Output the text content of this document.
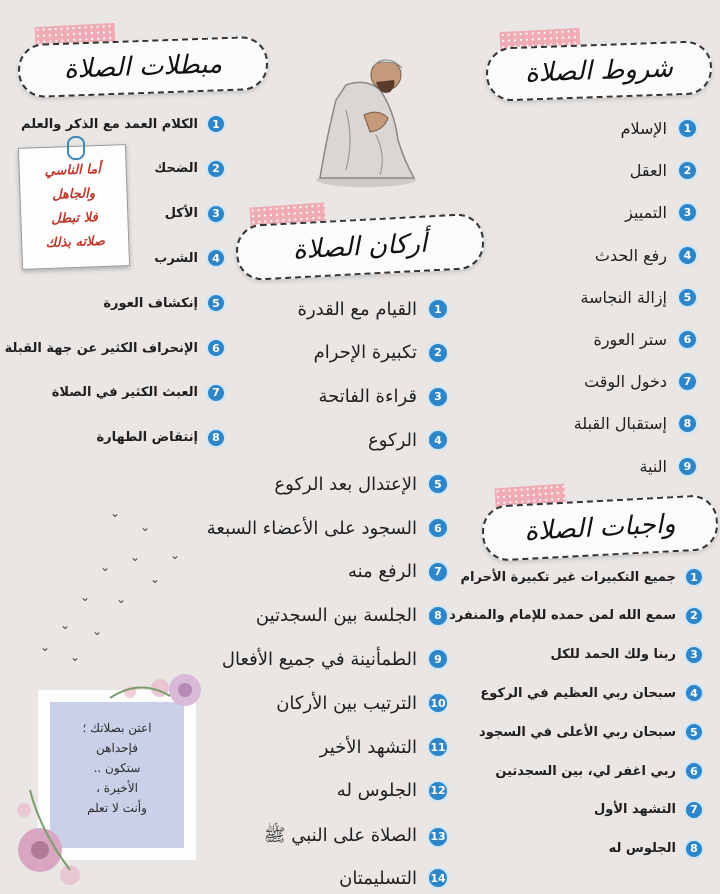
شروط الصلاة
مبطلات الصلاة
أركان الصلاة
واجبات الصلاة
1
الإسلام
2
العقل
3
التمييز
4
رفع الحدث
5
إزالة النجاسة
6
ستر العورة
7
دخول الوقت
8
إستقبال القبلة
9
النية
1
جميع التكبيرات غير تكبيرة الأحرام
2
سمع الله لمن حمده للإمام والمنفرد
3
ربنا ولك الحمد للكل
4
سبحان ربي العظيم في الركوع
5
سبحان ربي الأعلى في السجود
6
ربي اغفر لي، بين السجدتين
7
التشهد الأول
8
الجلوس له
1
الكلام العمد مع الذكر والعلم
2
الضحك
3
الأكل
4
الشرب
5
إنكشاف العورة
6
الإنحراف الكثير عن جهة القبلة
7
العبث الكثير في الصلاة
8
إنتقاض الطهارة
1
القيام مع القدرة
2
تكبيرة الإحرام
3
قراءة الفاتحة
4
الركوع
5
الإعتدال بعد الركوع
6
السجود على الأعضاء السبعة
7
الرفع منه
8
الجلسة بين السجدتين
9
الطمأنينة في جميع الأفعال
10
الترتيب بين الأركان
11
التشهد الأخير
12
الجلوس له
13
الصلاة على النبي ﷺ
14
التسليمتان
أما الناسي
والجاهل
فلا تبطل
صلاته بذلك
⌄
⌄
⌄
⌄
⌄
⌄
⌄ ⌄
⌄ ⌄
⌄
⌄
اعتن بصلاتك ؛
فإحداهن
ستكون ..
الأخيرة ،
وأنت لا تعلم
